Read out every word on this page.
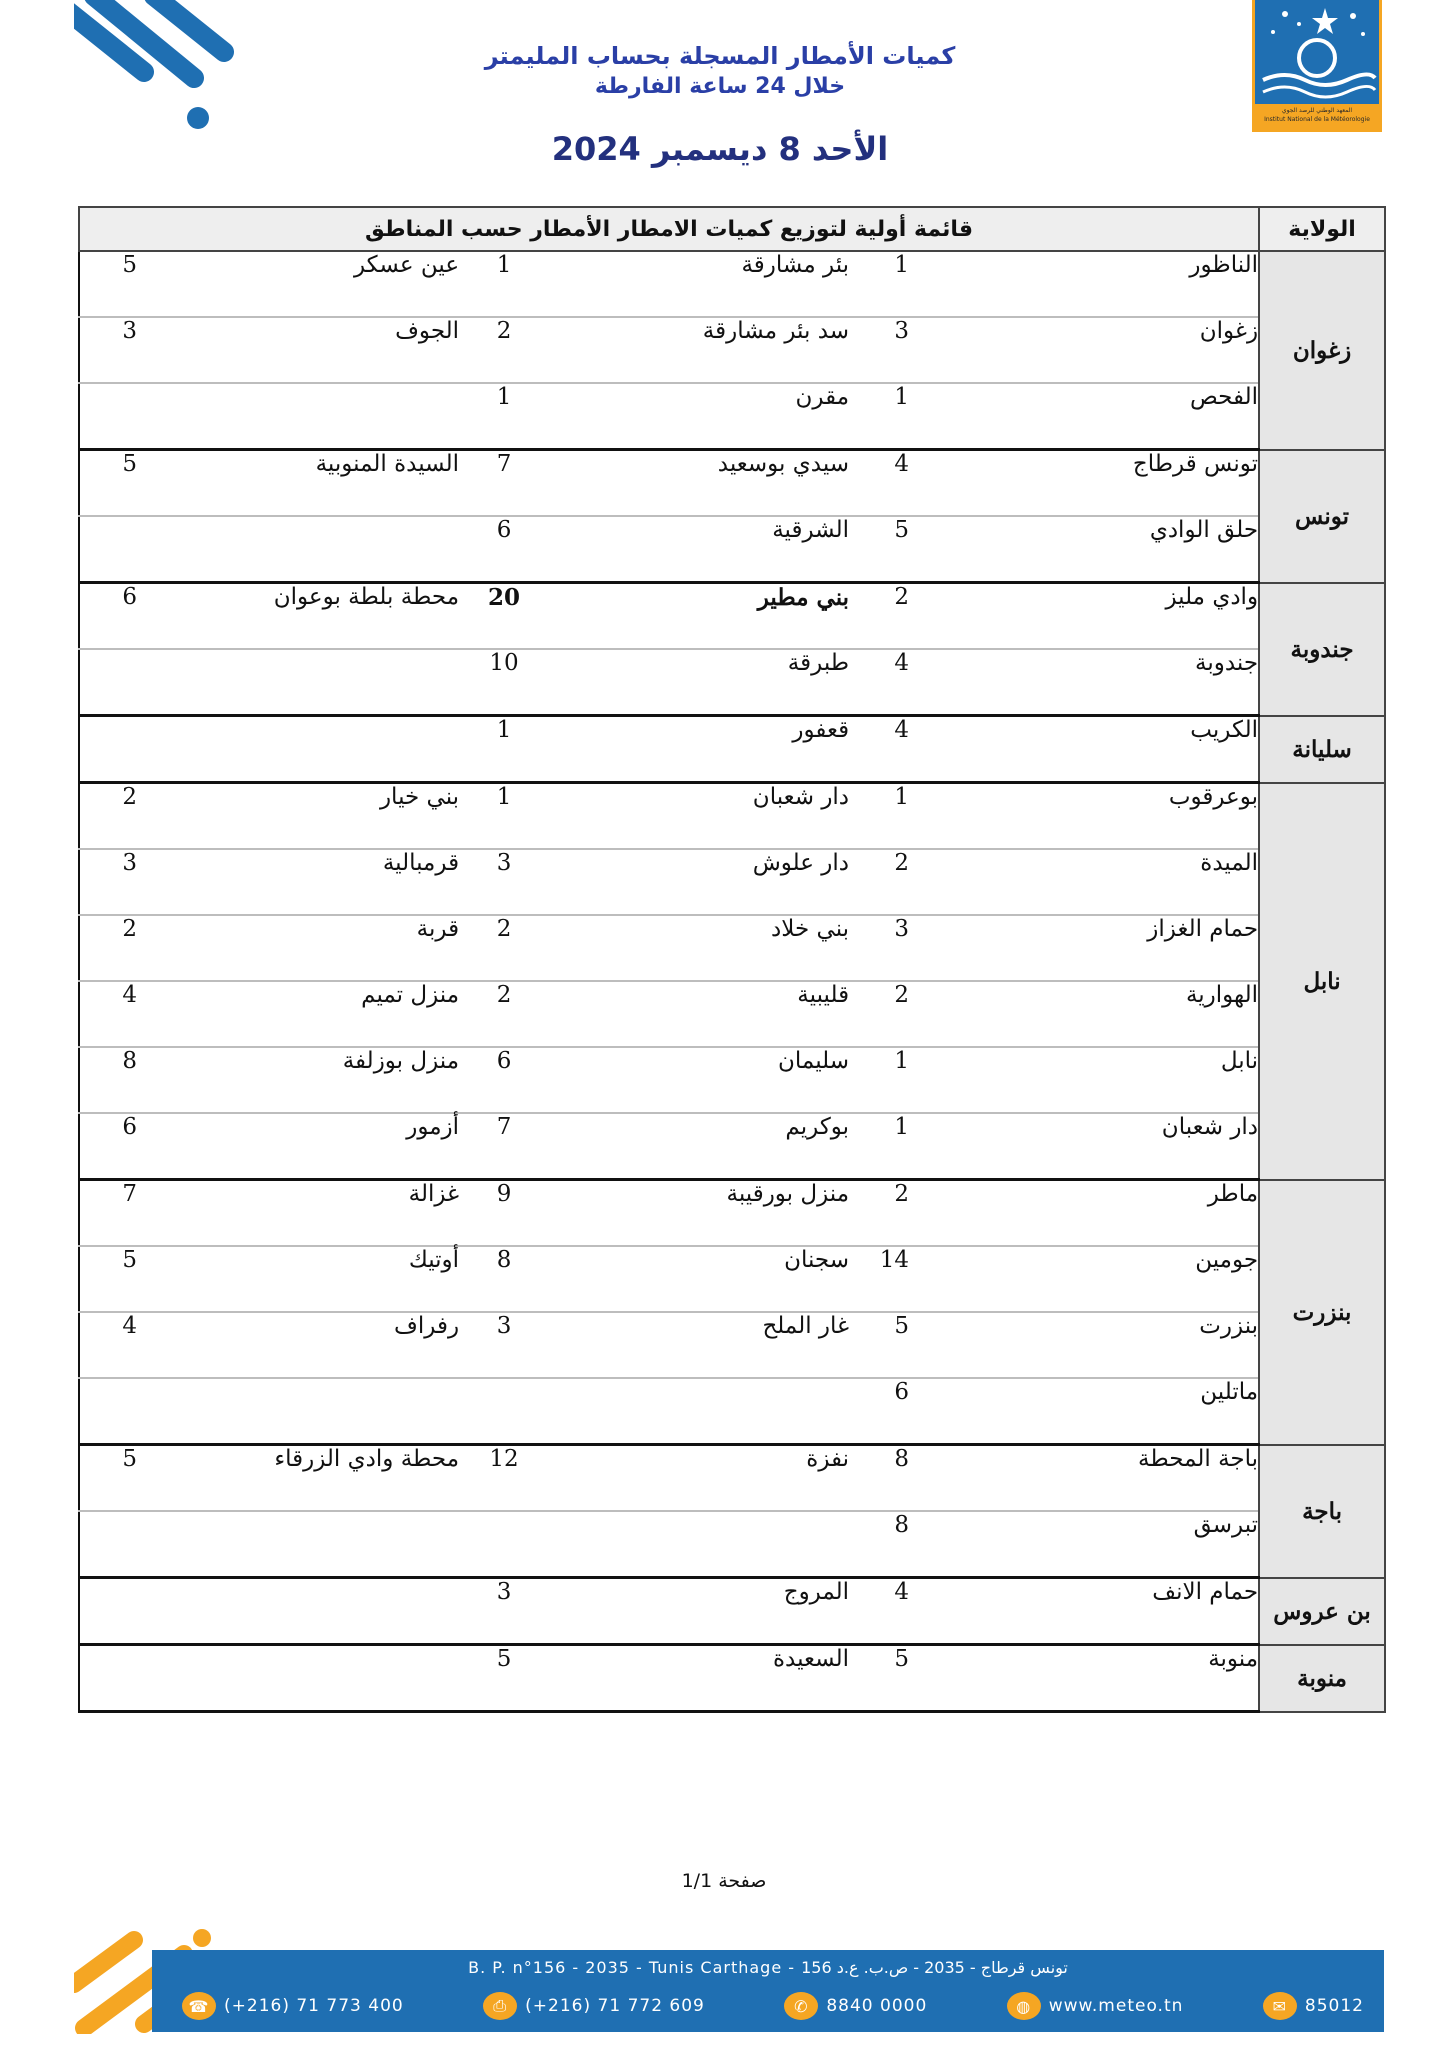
المعهد الوطني للرصد الجوي
Institut National de la Météorologie
كميات الأمطار المسجلة بحساب المليمتر
خلال 24 ساعة الفارطة
الأحد 8 ديسمبر 2024
الولاية	قائمة أولية لتوزيع كميات الامطار الأمطار حسب المناطق					
زغوان	الناظور	1	بئر مشارقة	1	عين عسكر	5
	زغوان	3	سد بئر مشارقة	2	الجوف	3
	الفحص	1	مقرن	1		
تونس	تونس قرطاج	4	سيدي بوسعيد	7	السيدة المنوبية	5
	حلق الوادي	5	الشرقية	6		
جندوبة	وادي مليز	2	بني مطير	20	محطة بلطة بوعوان	6
	جندوبة	4	طبرقة	10		
سليانة	الكريب	4	قعفور	1		
نابل	بوعرقوب	1	دار شعبان	1	بني خيار	2
	الميدة	2	دار علوش	3	قرمبالية	3
	حمام الغزاز	3	بني خلاد	2	قربة	2
	الهوارية	2	قليبية	2	منزل تميم	4
	نابل	1	سليمان	6	منزل بوزلفة	8
	دار شعبان	1	بوكريم	7	أزمور	6
بنزرت	ماطر	2	منزل بورقيبة	9	غزالة	7
	جومين	14	سجنان	8	أوتيك	5
	بنزرت	5	غار الملح	3	رفراف	4
	ماتلين	6				
باجة	باجة المحطة	8	نفزة	12	محطة وادي الزرقاء	5
	تبرسق	8				
بن عروس	حمام الانف	4	المروج	3		
منوبة	منوبة	5	السعيدة	5		
صفحة 1/1
B. P. n°156 - 2035 - Tunis Carthage - تونس قرطاج - 2035 - ص.ب. ع.د 156
☎ (+216) 71 773 400	⎙	(+216) 71 772 609	✆	8840 0000	◍	www.meteo.tn	✉	85012
